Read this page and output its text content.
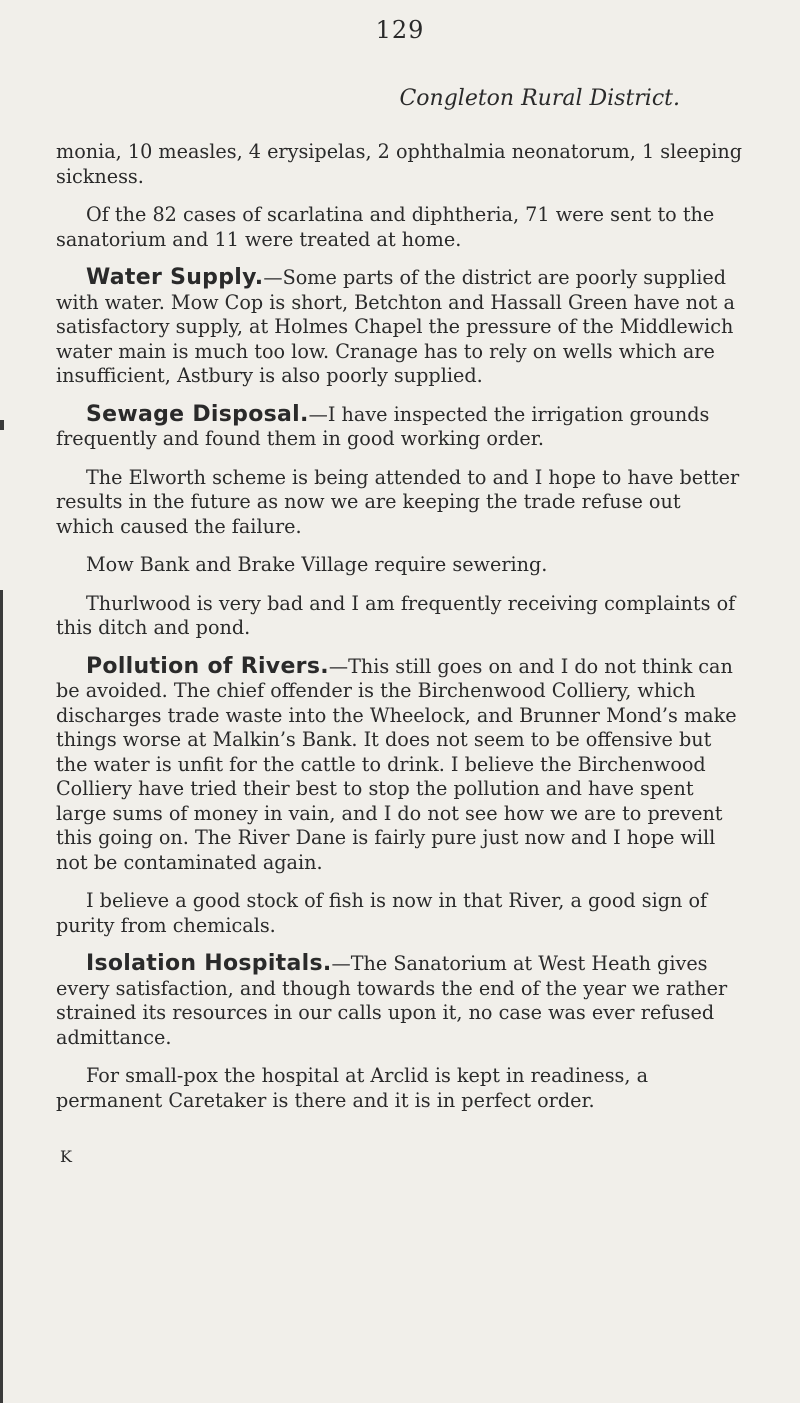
129
Congleton Rural District.

monia, 10 measles, 4 erysipelas, 2 ophthalmia neonatorum, 1 sleeping sickness.

Of the 82 cases of scarlatina and diphtheria, 71 were sent to the sanatorium and 11 were treated at home.

Water Supply.—Some parts of the district are poorly supplied with water. Mow Cop is short, Betchton and Hassall Green have not a satisfactory supply, at Holmes Chapel the pressure of the Middlewich water main is much too low. Cranage has to rely on wells which are insufficient, Astbury is also poorly supplied.

Sewage Disposal.—I have inspected the irrigation grounds frequently and found them in good working order.

The Elworth scheme is being attended to and I hope to have better results in the future as now we are keeping the trade refuse out which caused the failure.

Mow Bank and Brake Village require sewering.

Thurlwood is very bad and I am frequently receiving complaints of this ditch and pond.

Pollution of Rivers.—This still goes on and I do not think can be avoided. The chief offender is the Birchenwood Colliery, which discharges trade waste into the Wheelock, and Brunner Mond’s make things worse at Malkin’s Bank. It does not seem to be offensive but the water is unfit for the cattle to drink. I believe the Birchenwood Colliery have tried their best to stop the pollution and have spent large sums of money in vain, and I do not see how we are to prevent this going on. The River Dane is fairly pure just now and I hope will not be contaminated again.

I believe a good stock of fish is now in that River, a good sign of purity from chemicals.

Isolation Hospitals.—The Sanatorium at West Heath gives every satisfaction, and though towards the end of the year we rather strained its resources in our calls upon it, no case was ever refused admittance.

For small-pox the hospital at Arclid is kept in readiness, a permanent Caretaker is there and it is in perfect order.

K
